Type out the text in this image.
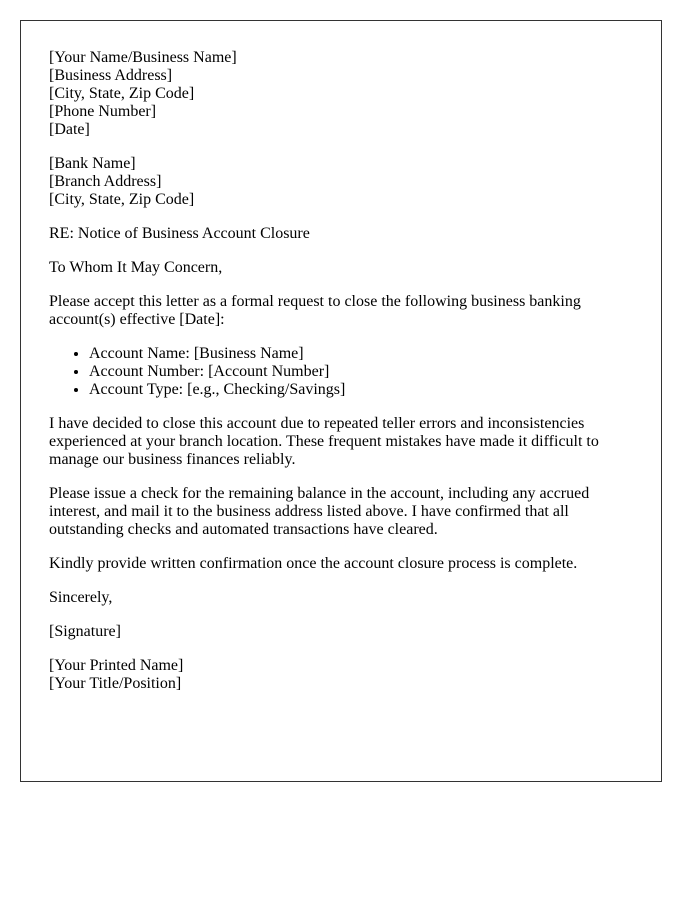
[Your Name/Business Name]
[Business Address]
[City, State, Zip Code]
[Phone Number]
[Date]

[Bank Name]
[Branch Address]
[City, State, Zip Code]

RE: Notice of Business Account Closure

To Whom It May Concern,

Please accept this letter as a formal request to close the following business banking account(s) effective [Date]:

• Account Name: [Business Name]
• Account Number: [Account Number]
• Account Type: [e.g., Checking/Savings]

I have decided to close this account due to repeated teller errors and inconsistencies experienced at your branch location. These frequent mistakes have made it difficult to manage our business finances reliably.

Please issue a check for the remaining balance in the account, including any accrued interest, and mail it to the business address listed above. I have confirmed that all outstanding checks and automated transactions have cleared.

Kindly provide written confirmation once the account closure process is complete.

Sincerely,

[Signature]

[Your Printed Name]
[Your Title/Position]
